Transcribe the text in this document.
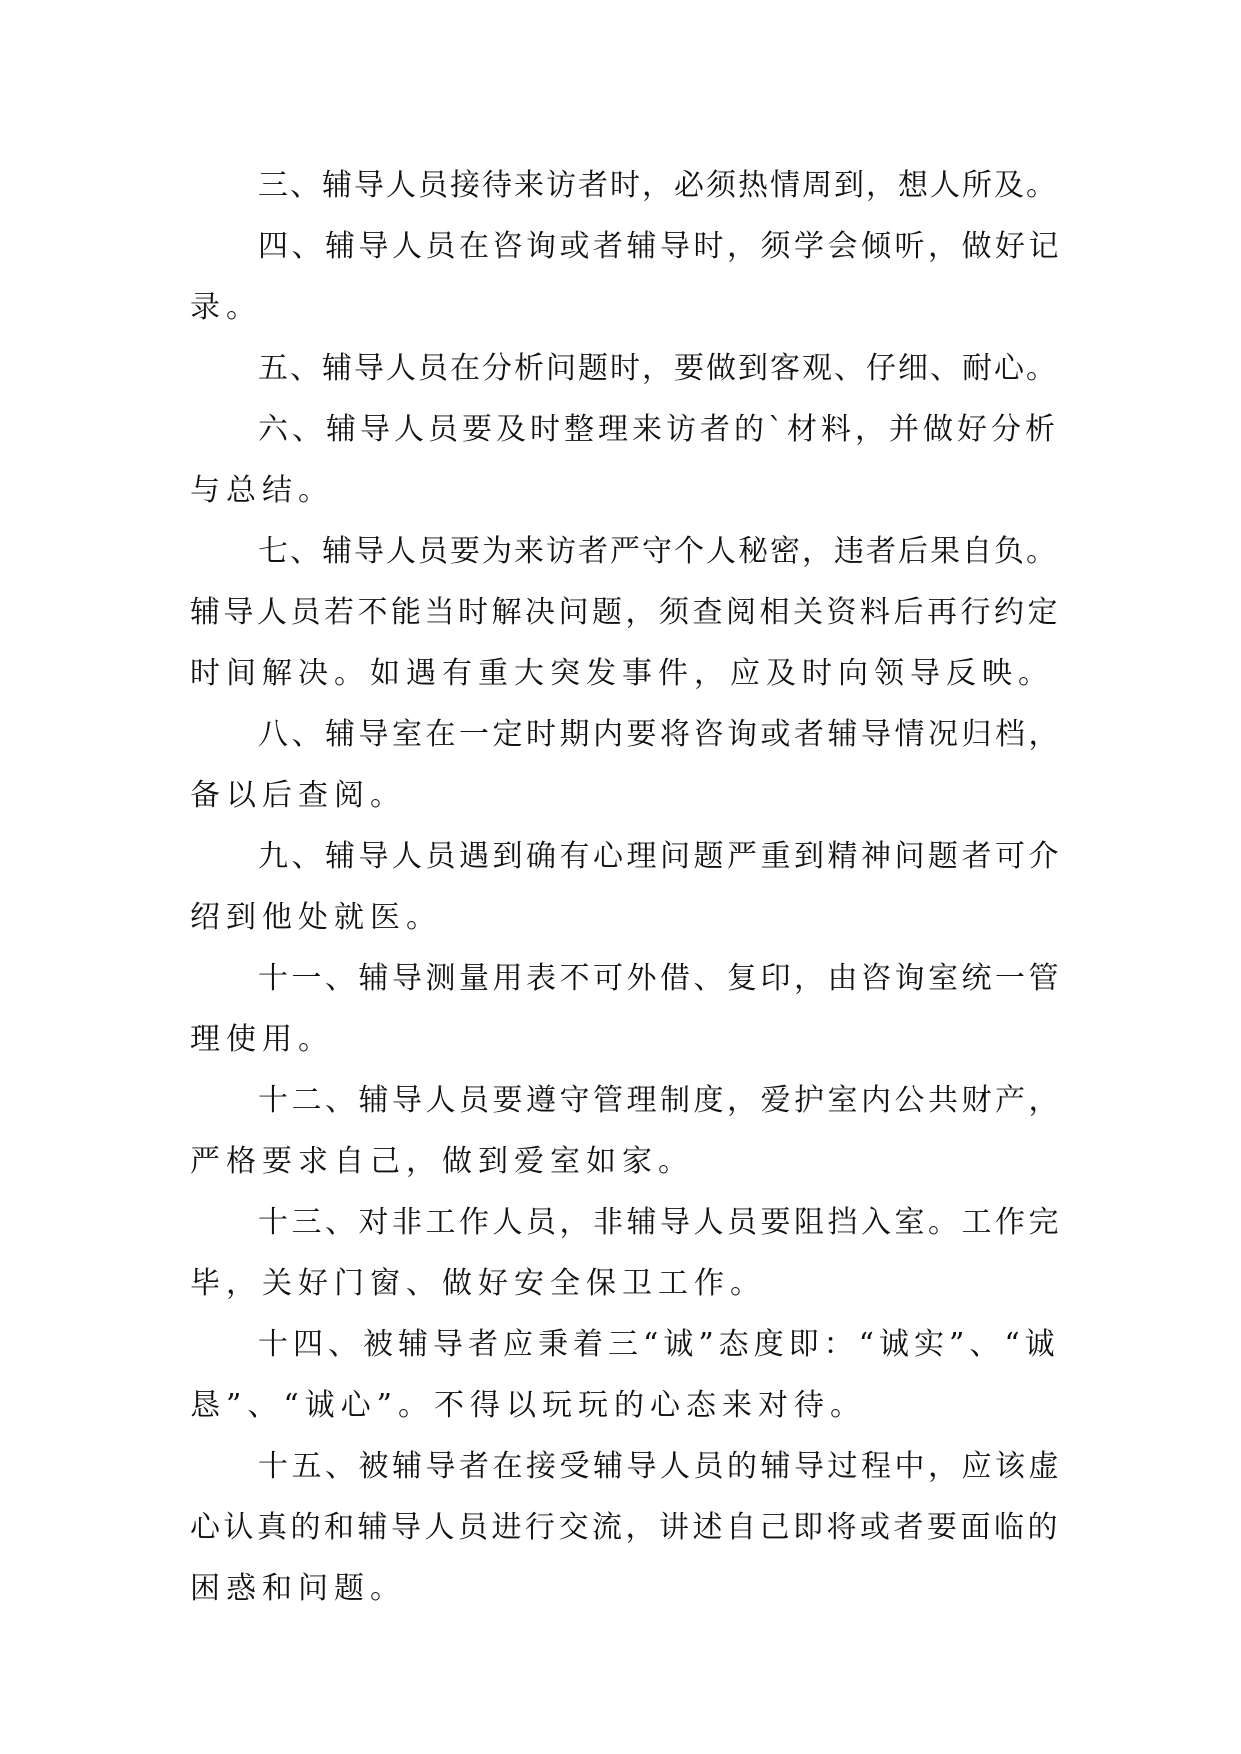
三、辅导人员接待来访者时，必须热情周到，想人所及。
四、辅导人员在咨询或者辅导时，须学会倾听，做好记
录。
五、辅导人员在分析问题时，要做到客观、仔细、耐心。
六、辅导人员要及时整理来访者的`材料，并做好分析
与总结。
七、辅导人员要为来访者严守个人秘密，违者后果自负。
辅导人员若不能当时解决问题，须查阅相关资料后再行约定
时间解决。如遇有重大突发事件，应及时向领导反映。
八、辅导室在一定时期内要将咨询或者辅导情况归档，
备以后查阅。
九、辅导人员遇到确有心理问题严重到精神问题者可介
绍到他处就医。
十一、辅导测量用表不可外借、复印，由咨询室统一管
理使用。
十二、辅导人员要遵守管理制度，爱护室内公共财产，
严格要求自己，做到爱室如家。
十三、对非工作人员，非辅导人员要阻挡入室。工作完
毕，关好门窗、做好安全保卫工作。
十四、被辅导者应秉着三“诚”态度即：“诚实”、“诚
恳”、“诚心”。不得以玩玩的心态来对待。
十五、被辅导者在接受辅导人员的辅导过程中，应该虚
心认真的和辅导人员进行交流，讲述自己即将或者要面临的
困惑和问题。
